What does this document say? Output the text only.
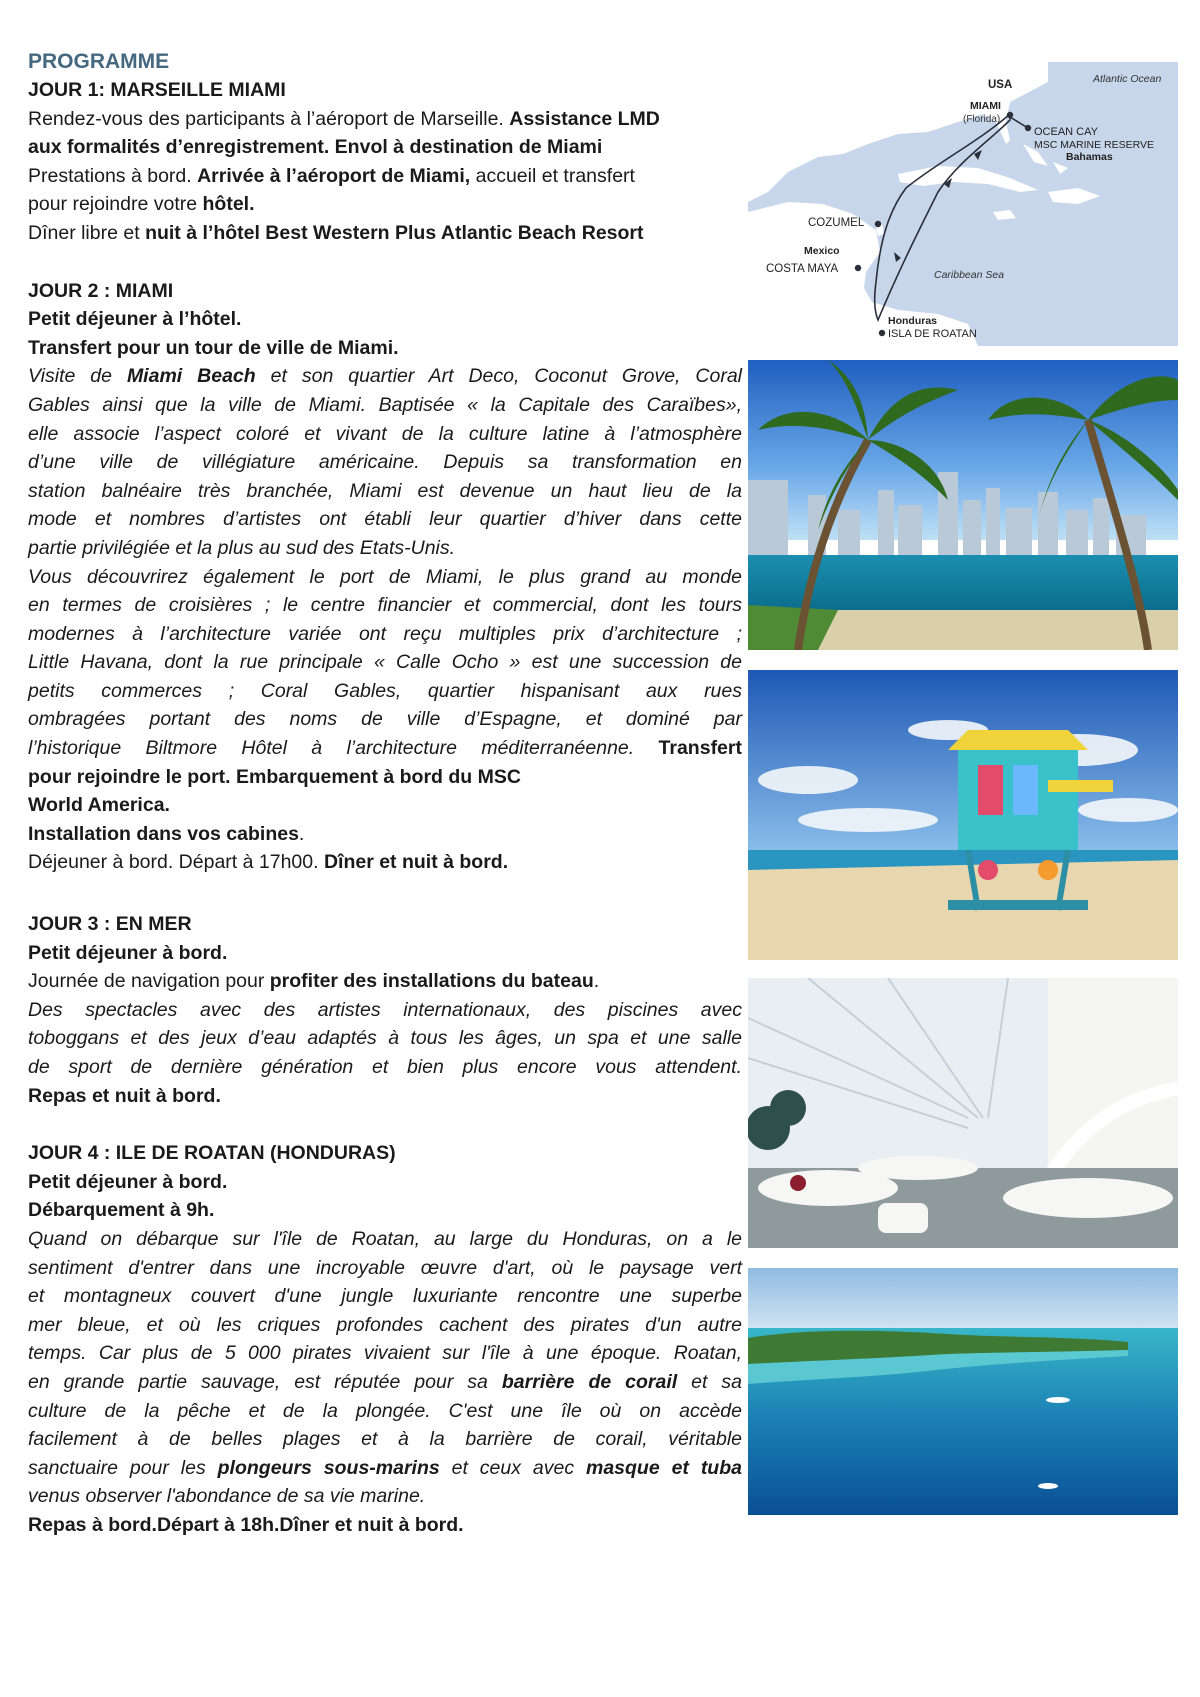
PROGRAMME

JOUR 1: MARSEILLE MIAMI

Rendez-vous des participants à l’aéroport de Marseille. Assistance LMD

aux formalités d’enregistrement. Envol à destination de Miami

Prestations à bord. Arrivée à l’aéroport de Miami, accueil et transfert

pour rejoindre votre hôtel.

Dîner libre et nuit à l’hôtel Best Western Plus Atlantic Beach Resort

JOUR 2 : MIAMI

Petit déjeuner à l’hôtel.

Transfert pour un tour de ville de Miami.

Visite de Miami Beach et son quartier Art Deco, Coconut Grove, Coral

Gables ainsi que la ville de Miami. Baptisée « la Capitale des Caraïbes»,

elle associe l’aspect coloré et vivant de la culture latine à l’atmosphère

d’une ville de villégiature américaine. Depuis sa transformation en

station balnéaire très branchée, Miami est devenue un haut lieu de la

mode et nombres d’artistes ont établi leur quartier d’hiver dans cette

partie privilégiée et la plus au sud des Etats-Unis.

Vous découvrirez également le port de Miami, le plus grand au monde

en termes de croisières ; le centre financier et commercial, dont les tours

modernes à l’architecture variée ont reçu multiples prix d’architecture ;

Little Havana, dont la rue principale « Calle Ocho » est une succession de

petits commerces ; Coral Gables, quartier hispanisant aux rues

ombragées portant des noms de ville d’Espagne, et dominé par

l’historique Biltmore Hôtel à l’architecture méditerranéenne. Transfert

pour rejoindre le port. Embarquement à bord du MSC

World America.

Installation dans vos cabines.

Déjeuner à bord. Départ à 17h00. Dîner et nuit à bord.

JOUR 3 : EN MER

Petit déjeuner à bord.

Journée de navigation pour profiter des installations du bateau.

Des spectacles avec des artistes internationaux, des piscines avec

toboggans et des jeux d’eau adaptés à tous les âges, un spa et une salle

de sport de dernière génération et bien plus encore vous attendent.

Repas et nuit à bord.

JOUR 4 : ILE DE ROATAN (HONDURAS)

Petit déjeuner à bord.

Débarquement à 9h.

Quand on débarque sur l'île de Roatan, au large du Honduras, on a le

sentiment d'entrer dans une incroyable œuvre d'art, où le paysage vert

et montagneux couvert d'une jungle luxuriante rencontre une superbe

mer bleue, et où les criques profondes cachent des pirates d'un autre

temps. Car plus de 5 000 pirates vivaient sur l'île à une époque. Roatan,

en grande partie sauvage, est réputée pour sa barrière de corail et sa

culture de la pêche et de la plongée. C'est une île où on accède

facilement à de belles plages et à la barrière de corail, véritable

sanctuaire pour les plongeurs sous-marins et ceux avec masque et tuba

venus observer l'abondance de sa vie marine.

Repas à bord.Départ à 18h.Dîner et nuit à bord.

USA	Atlantic Ocean
MIAMI
(Florida)
OCEAN CAY
MSC MARINE RESERVE
Bahamas
COZUMEL
Mexico
COSTA MAYA	Caribbean Sea
Honduras
ISLA DE ROATAN
